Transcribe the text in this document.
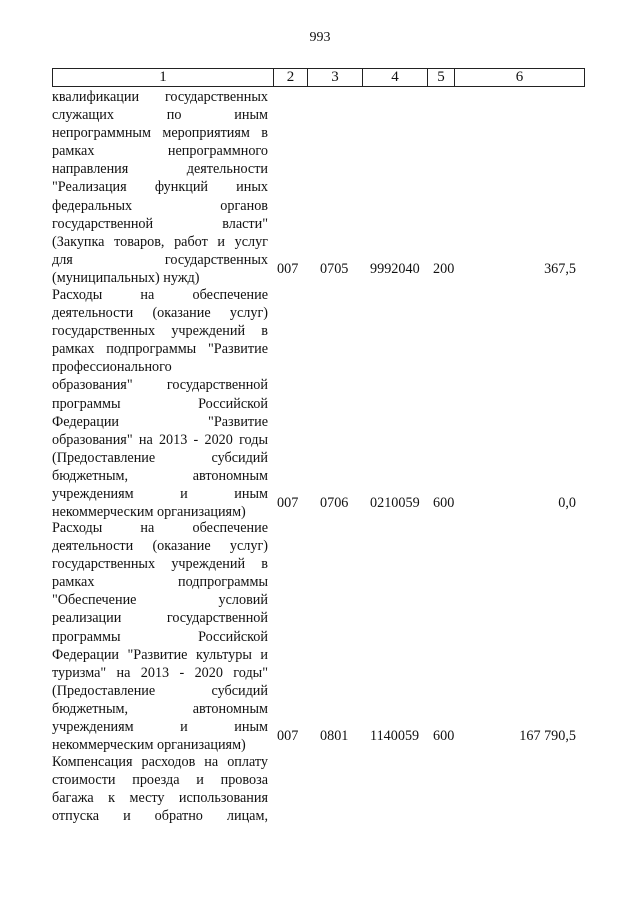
993
1	2	3	4	5	6
квалификации государственных
служащих по иным
непрограммным мероприятиям в
рамках непрограммного
направления деятельности
"Реализация функций иных
федеральных органов
государственной власти"
(Закупка товаров, работ и услуг
для государственных
(муниципальных) нужд)
007 0705 9992040 200	367,5
Расходы на обеспечение
деятельности (оказание услуг)
государственных учреждений в
рамках подпрограммы "Развитие
профессионального
образования" государственной
программы Российской
Федерации "Развитие
образования" на 2013 - 2020 годы
(Предоставление субсидий
бюджетным, автономным
учреждениям и иным
некоммерческим организациям)
007 0706 0210059 600	0,0
Расходы на обеспечение
деятельности (оказание услуг)
государственных учреждений в
рамках подпрограммы
"Обеспечение условий
реализации государственной
программы Российской
Федерации "Развитие культуры и
туризма" на 2013 - 2020 годы"
(Предоставление субсидий
бюджетным, автономным
учреждениям и иным
некоммерческим организациям)
007 0801 1140059 600	167 790,5
Компенсация расходов на оплату
стоимости проезда и провоза
багажа к месту использования
отпуска и обратно лицам,
